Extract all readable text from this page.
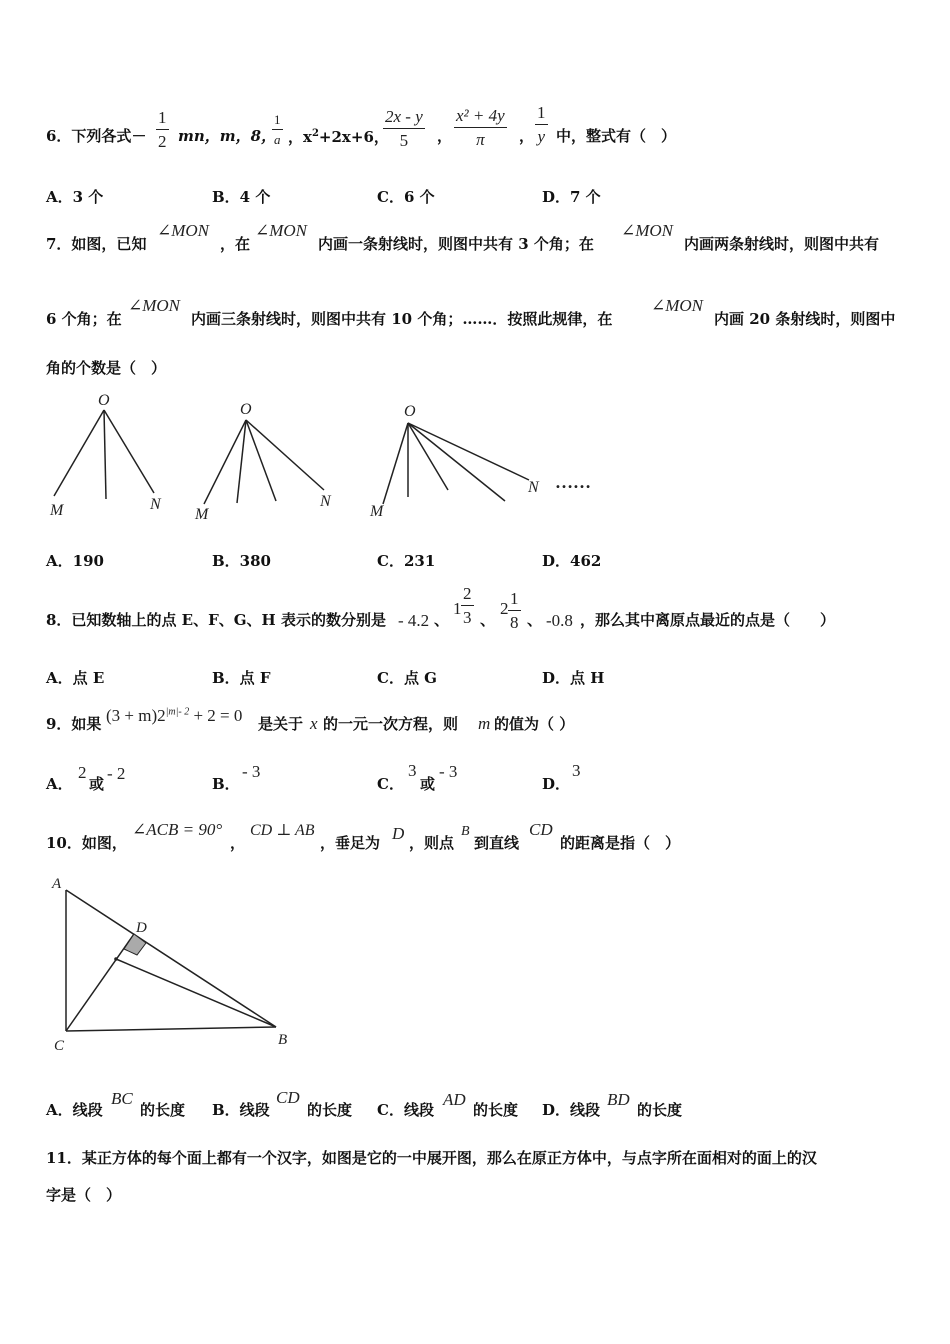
6．下列各式－
1
2 mn，m，8，
1
a ，$x^2+2x+6$，
2x - y
5 ，
x² + 4y
π ，
1
y 中，整式有（　）
A．3 个	B．4 个	C．6 个	D．7 个
7．如图，已知
∠MON
，在
∠MON
内画一条射线时，则图中共有 3 个角；在
∠MON
内画两条射线时，则图中共有
6 个角；在
∠MON
内画三条射线时，则图中共有 10 个角；……．按照此规律，在
∠MON
内画 20 条射线时，则图中
角的个数是（　）
O
M	N
O
M
N
O
M
N ……
A．190	B．380	C．231	D．462
8．已知数轴上的点 E、F、G、H 表示的数分别是 - 4.2 、
1
2
3 、
2
1
8 、 -0.8 ，那么其中离原点最近的点是（　　）
A．点 E	B．点 F	C．点 G	D．点 H
9．如果 $(3 + m)2^{|m|- 2} + 2 = 0$ 是关于 x 的一元一次方程，则 m 的值为（ ）
A．
2
或
- 2
B．
- 3
C．
3
或
- 3
D．
3
10．如图，
∠ACB = 90°
，
CD ⊥ AB
，垂足为 D ，则点
B
到直线
CD
的距离是指（　）
A
D
C	B
A．线段
BC
的长度 B．线段
CD
的长度 C．线段
AD
的长度 D．线段
BD
的长度
11．某正方体的每个面上都有一个汉字，如图是它的一中展开图，那么在原正方体中，与点字所在面相对的面上的汉
字是（　）
